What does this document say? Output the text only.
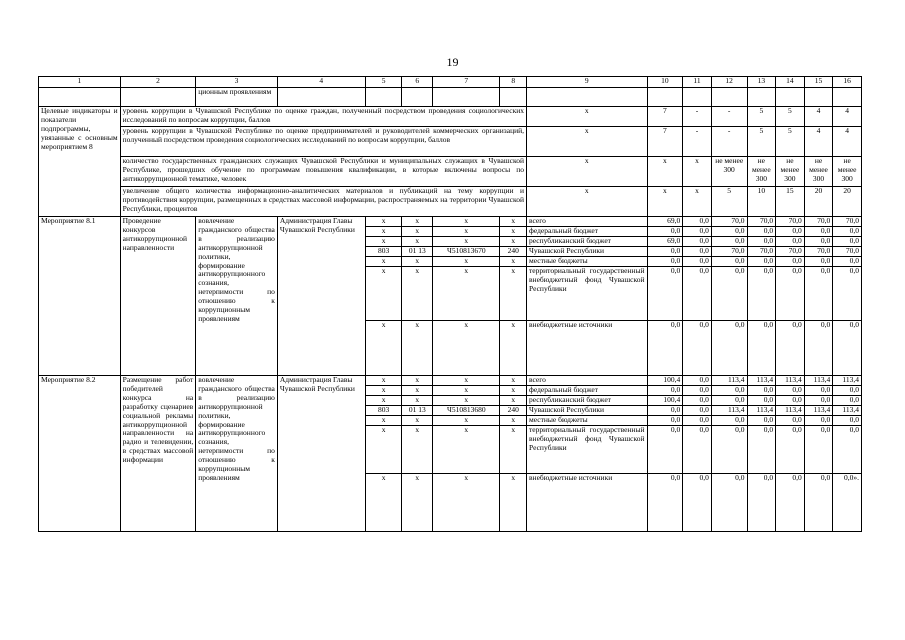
19
1	2	3	4	5	6	7	8	9	10	11	12	13	14	15	16
		ционным проявлениям													
Целевые индикаторы и показатели подпрограммы, увязанные с основным мероприятием 8	уровень коррупции в Чувашской Республике по оценке граждан, полученный посредством проведения социологических исследований по вопросам коррупции, баллов							х	7	-	-	5	5	4	4
	уровень коррупции в Чувашской Республике по оценке предпринимателей и руководителей коммерческих организаций, полученный посредством проведения социологических исследований по вопросам коррупции, баллов							х	7	-	-	5	5	4	4
	количество государственных гражданских служащих Чувашской Республики и муниципальных служащих в Чувашской Республике, прошедших обучение по программам повышения квалификации, в которые включены вопросы по антикоррупционной тематике, человек							х	х	х	не менее 300	не менее 300	не менее 300	не менее 300	не менее 300
	увеличение общего количества информационно-аналитических материалов и публикаций на тему коррупции и противодействия коррупции, размещенных в средствах массовой информации, распространяемых на территории Чувашской Республики, процентов							х	х	х	5	10	15	20	20
Мероприятие 8.1	Проведение конкурсов антикоррупционной направленности	вовлечение гражданского общества в реализацию антикоррупционной политики, формирование антикоррупционного сознания, нетерпимости по отношению к коррупционным проявлениям	Администрация Главы Чувашской Республики	х	х	х	х	всего	69,0	0,0	70,0	70,0	70,0	70,0	70,0
				х	х	х	х	федеральный бюджет	0,0	0,0	0,0	0,0	0,0	0,0	0,0
				х	х	х	х	республиканский бюджет	69,0	0,0	0,0	0,0	0,0	0,0	0,0
				803	01 13	Ч510813670	240	Чувашской Республики	0,0	0,0	70,0	70,0	70,0	70,0	70,0
				х	х	х	х	местные бюджеты	0,0	0,0	0,0	0,0	0,0	0,0	0,0
				х	х	х	х	территориальный государственный внебюджетный фонд Чувашской Республики	0,0	0,0	0,0	0,0	0,0	0,0	0,0
				х	х	х	х	внебюджетные источники	0,0	0,0	0,0	0,0	0,0	0,0	0,0
Мероприятие 8.2	Размещение работ победителей конкурса на разработку сценариев социальной рекламы антикоррупционной направленности на радио и телевидении, в средствах массовой информации	вовлечение гражданского общества в реализацию антикоррупционной политики, формирование антикоррупционного сознания, нетерпимости по отношению к коррупционным проявлениям	Администрация Главы Чувашской Республики	х	х	х	х	всего	100,4	0,0	113,4	113,4	113,4	113,4	113,4
				х	х	х	х	федеральный бюджет	0,0	0,0	0,0	0,0	0,0	0,0	0,0
				х	х	х	х	республиканский бюджет	100,4	0,0	0,0	0,0	0,0	0,0	0,0
				803	01 13	Ч510813680	240	Чувашской Республики	0,0	0,0	113,4	113,4	113,4	113,4	113,4
				х	х	х	х	местные бюджеты	0,0	0,0	0,0	0,0	0,0	0,0	0,0
				х	х	х	х	территориальный государственный внебюджетный фонд Чувашской Республики	0,0	0,0	0,0	0,0	0,0	0,0	0,0
				х	х	х	х	внебюджетные источники	0,0	0,0	0,0	0,0	0,0	0,0	0,0».
